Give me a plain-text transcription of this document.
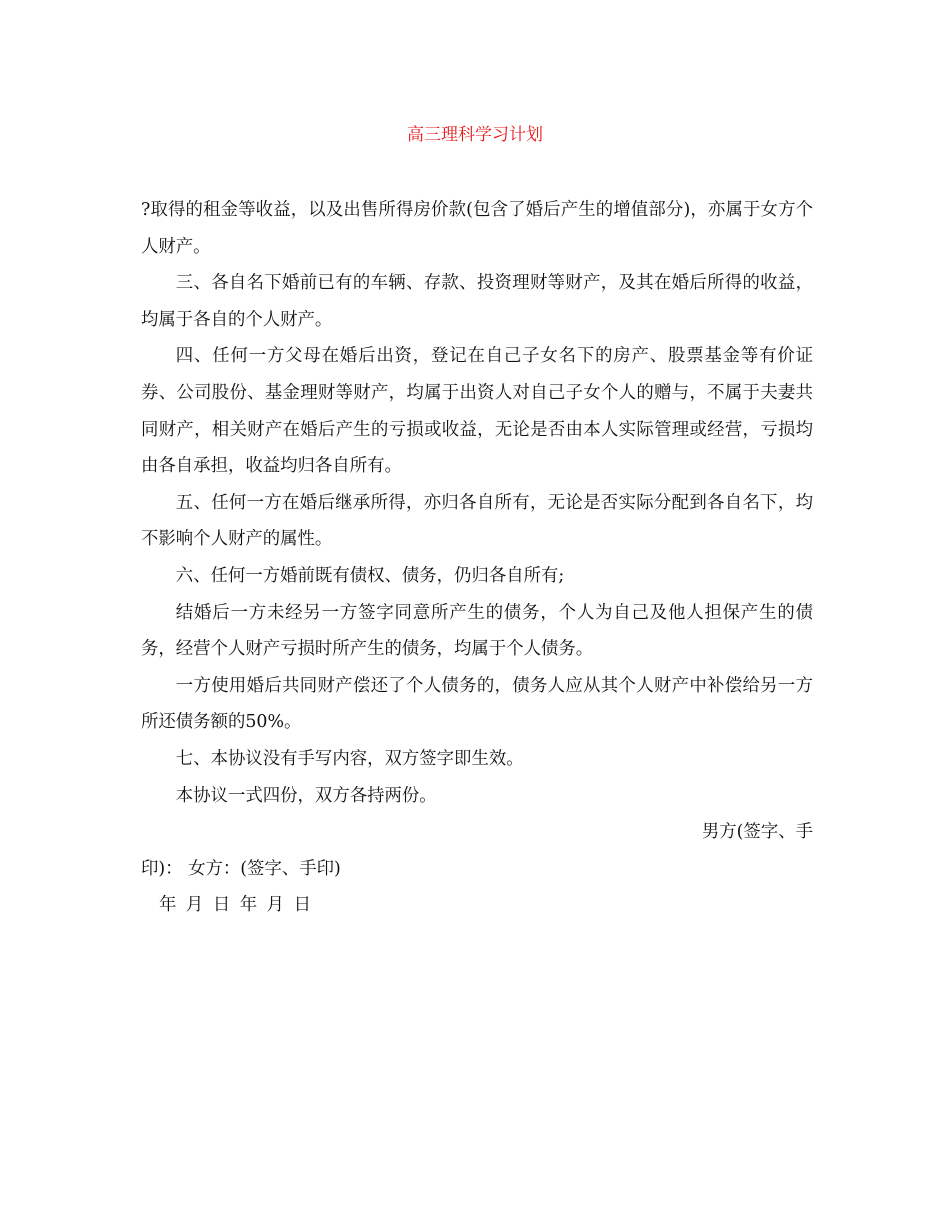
高三理科学习计划

?取得的租金等收益，以及出售所得房价款(包含了婚后产生的增值部分)，亦属于女方个人财产。

三、各自名下婚前已有的车辆、存款、投资理财等财产，及其在婚后所得的收益，均属于各自的个人财产。

四、任何一方父母在婚后出资，登记在自己子女名下的房产、股票基金等有价证券、公司股份、基金理财等财产，均属于出资人对自己子女个人的赠与，不属于夫妻共同财产，相关财产在婚后产生的亏损或收益，无论是否由本人实际管理或经营，亏损均由各自承担，收益均归各自所有。

五、任何一方在婚后继承所得，亦归各自所有，无论是否实际分配到各自名下，均不影响个人财产的属性。

六、任何一方婚前既有债权、债务，仍归各自所有;

结婚后一方未经另一方签字同意所产生的债务，个人为自己及他人担保产生的债务，经营个人财产亏损时所产生的债务，均属于个人债务。

一方使用婚后共同财产偿还了个人债务的，债务人应从其个人财产中补偿给另一方所还债务额的50%。

七、本协议没有手写内容，双方签字即生效。

本协议一式四份，双方各持两份。

男方(签字、手

印)： 女方：(签字、手印)

年 月 日 年 月 日
